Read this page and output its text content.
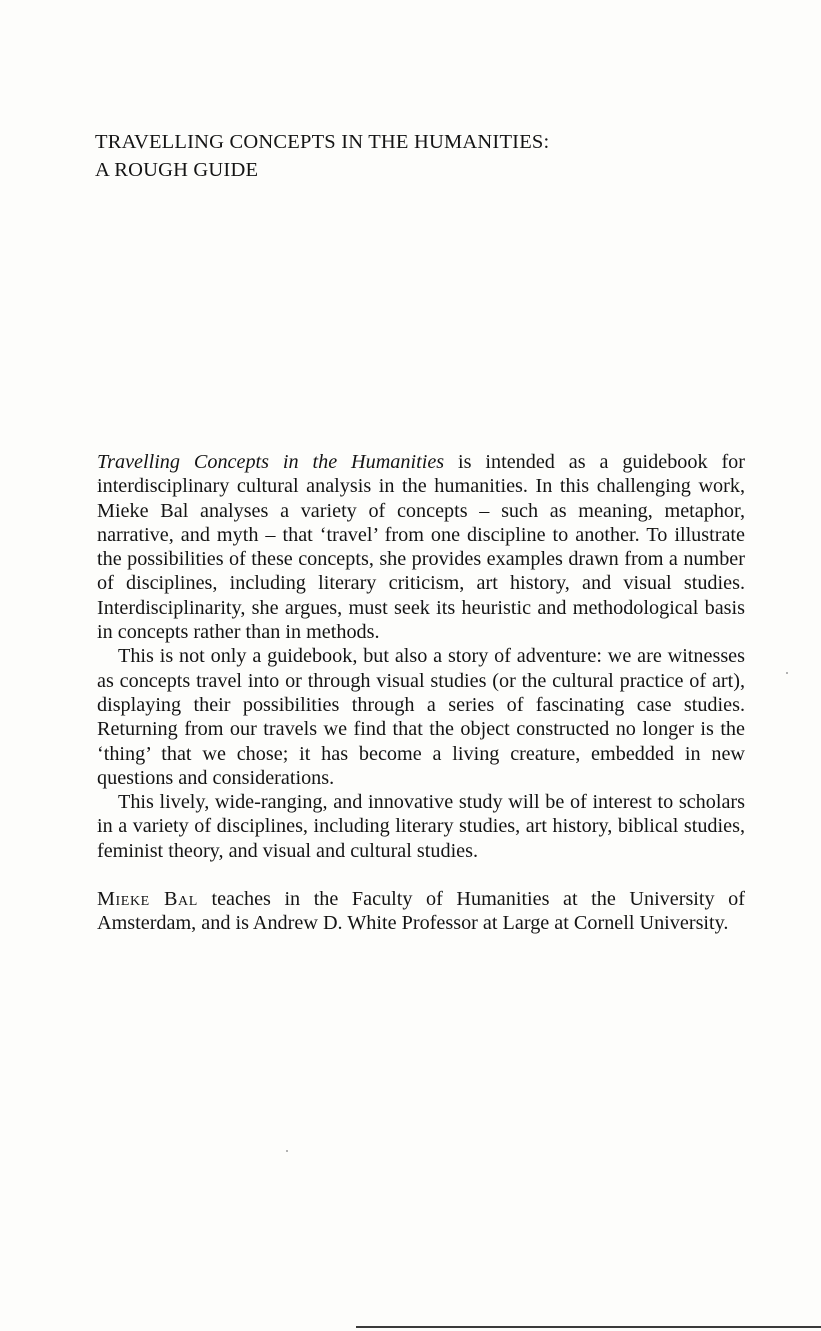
TRAVELLING CONCEPTS IN THE HUMANITIES:
A ROUGH GUIDE

Travelling Concepts in the Humanities is intended as a guidebook for interdisciplinary cultural analysis in the humanities. In this challenging work, Mieke Bal analyses a variety of concepts – such as meaning, metaphor, narrative, and myth – that ‘travel’ from one discipline to another. To illustrate the possibilities of these concepts, she provides examples drawn from a number of disciplines, including literary criticism, art history, and visual studies. Interdisciplinarity, she argues, must seek its heuristic and methodological basis in concepts rather than in methods.

This is not only a guidebook, but also a story of adventure: we are witnesses as concepts travel into or through visual studies (or the cultural practice of art), displaying their possibilities through a series of fascinating case studies. Returning from our travels we find that the object constructed no longer is the ‘thing’ that we chose; it has become a living creature, embedded in new questions and considerations.

This lively, wide-ranging, and innovative study will be of interest to scholars in a variety of disciplines, including literary studies, art history, biblical studies, feminist theory, and visual and cultural studies.

Mieke Bal teaches in the Faculty of Humanities at the University of Amsterdam, and is Andrew D. White Professor at Large at Cornell University.
